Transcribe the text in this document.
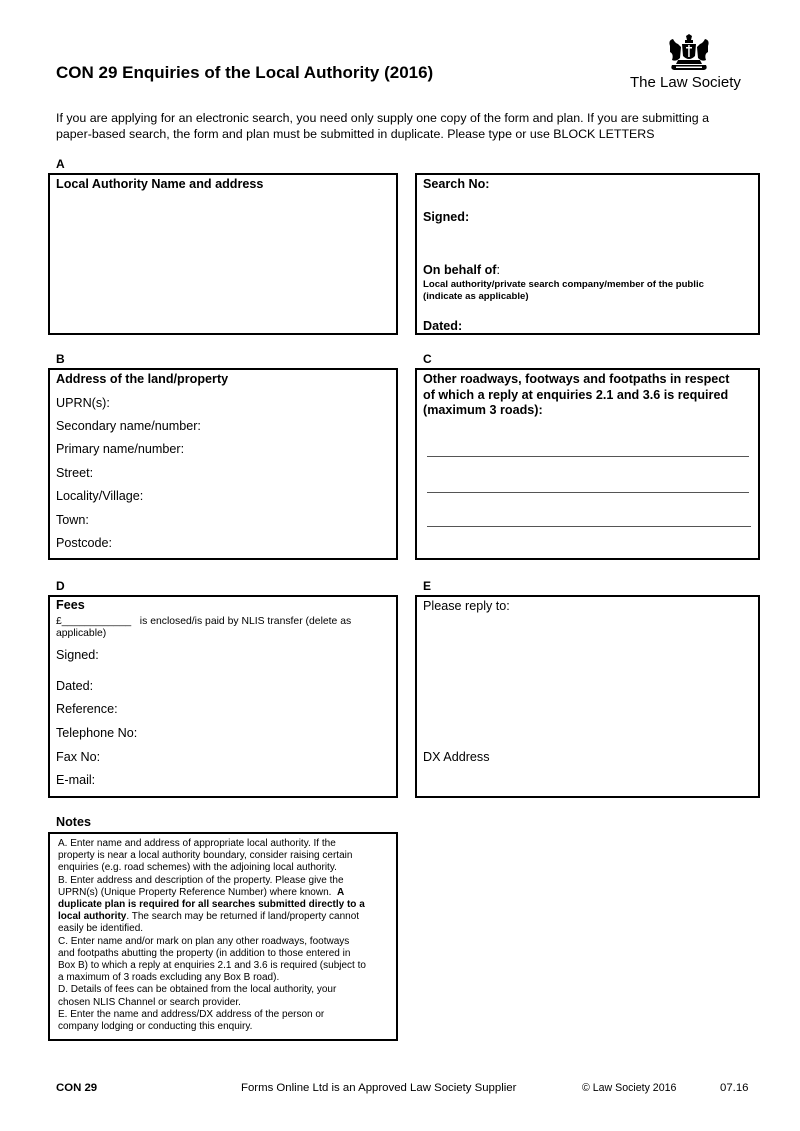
CON 29 Enquiries of the Local Authority (2016)
The Law Society
If you are applying for an electronic search, you need only supply one copy of the form and plan. If you are submitting a
paper-based search, the form and plan must be submitted in duplicate. Please type or use BLOCK LETTERS
A
Local Authority Name and address	Search No:
Signed:
On behalf of:
Local authority/private search company/member of the public
(indicate as applicable)
Dated:
B
Address of the land/property
UPRN(s):
Secondary name/number:
Primary name/number:
Street:
Locality/Village:
Town:
Postcode:
C
Other roadways, footways and footpaths in respect
of which a reply at enquiries 2.1 and 3.6 is required
(maximum 3 roads):
D
Fees
£____________ is enclosed/is paid by NLIS transfer (delete as
applicable)
Signed:
Dated:
Reference:
Telephone No:
Fax No:
E-mail:
E
Please reply to:
DX Address
Notes
A. Enter name and address of appropriate local authority. If the
property is near a local authority boundary, consider raising certain
enquiries (e.g. road schemes) with the adjoining local authority.
B. Enter address and description of the property. Please give the
UPRN(s) (Unique Property Reference Number) where known. A
duplicate plan is required for all searches submitted directly to a
local authority. The search may be returned if land/property cannot
easily be identified.
C. Enter name and/or mark on plan any other roadways, footways
and footpaths abutting the property (in addition to those entered in
Box B) to which a reply at enquiries 2.1 and 3.6 is required (subject to
a maximum of 3 roads excluding any Box B road).
D. Details of fees can be obtained from the local authority, your
chosen NLIS Channel or search provider.
E. Enter the name and address/DX address of the person or
company lodging or conducting this enquiry.
CON 29	Forms Online Ltd is an Approved Law Society Supplier	© Law Society 2016	07.16
